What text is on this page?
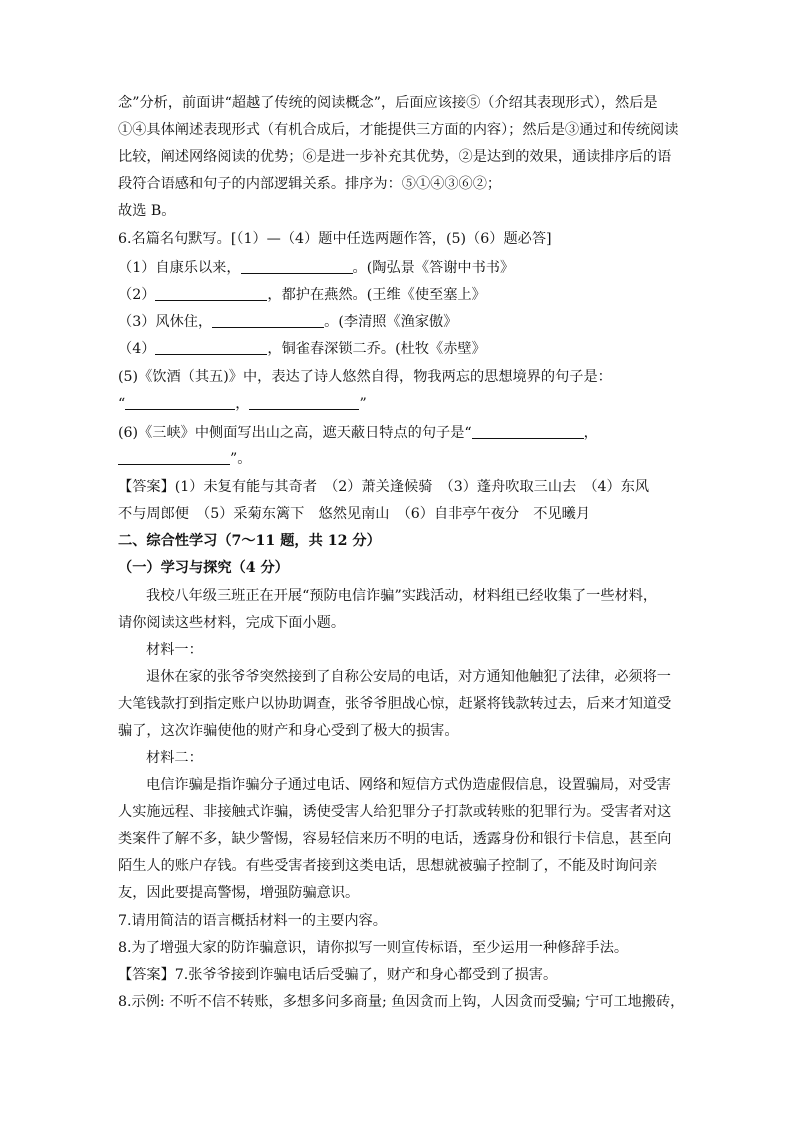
念”分析，前面讲“超越了传统的阅读概念”，后面应该接⑤（介绍其表现形式），然后是
①④具体阐述表现形式（有机合成后，才能提供三方面的内容）；然后是③通过和传统阅读
比较，阐述网络阅读的优势；⑥是进一步补充其优势，②是达到的效果，通读排序后的语
段符合语感和句子的内部逻辑关系。排序为：⑤①④③⑥②；
故选 B。
6.名篇名句默写。[（1）—（4）题中任选两题作答，(5)（6）题必答]
（1）自康乐以来，	。(陶弘景《答谢中书书》
（2）	，都护在燕然。(王维《使至塞上》
（3）风休住，	。(李清照《渔家傲》
（4）	，铜雀春深锁二乔。(杜牧《赤壁》
(5)《饮酒（其五)》中，表达了诗人悠然自得，物我两忘的思想境界的句子是：
“	，	”
(6)《三峡》中侧面写出山之高，遮天蔽日特点的句子是“	，
”。
【答案】(1）未复有能与其奇者　（2）萧关逢候骑　（3）蓬舟吹取三山去　（4）东风
不与周郎便　（5）采菊东篱下　悠然见南山　（6）自非亭午夜分　不见曦月
二、综合性学习（7～11 题，共 12 分）
（一）学习与探究（4 分）
我校八年级三班正在开展“预防电信诈骗”实践活动，材料组已经收集了一些材料，
请你阅读这些材料，完成下面小题。
材料一：
退休在家的张爷爷突然接到了自称公安局的电话，对方通知他触犯了法律，必须将一
大笔钱款打到指定账户以协助调查，张爷爷胆战心惊，赶紧将钱款转过去，后来才知道受
骗了，这次诈骗使他的财产和身心受到了极大的损害。
材料二：
电信诈骗是指诈骗分子通过电话、网络和短信方式伪造虚假信息，设置骗局，对受害
人实施远程、非接触式诈骗，诱使受害人给犯罪分子打款或转账的犯罪行为。受害者对这
类案件了解不多，缺少警惕，容易轻信来历不明的电话，透露身份和银行卡信息，甚至向
陌生人的账户存钱。有些受害者接到这类电话，思想就被骗子控制了，不能及时询问亲
友，因此要提高警惕，增强防骗意识。
7.请用简洁的语言概括材料一的主要内容。
8.为了增强大家的防诈骗意识，请你拟写一则宣传标语，至少运用一种修辞手法。
【答案】7.张爷爷接到诈骗电话后受骗了，财产和身心都受到了损害。
8.示例: 不听不信不转账，多想多问多商量; 鱼因贪而上钩，人因贪而受骗; 宁可工地搬砖，
